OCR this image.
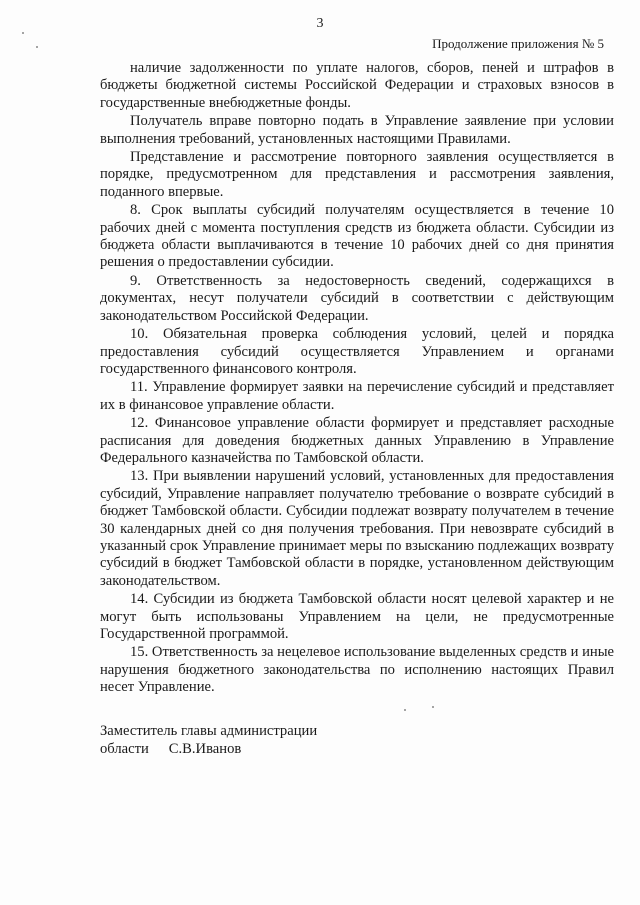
3
Продолжение приложения № 5

наличие задолженности по уплате налогов, сборов, пеней и штрафов в бюджеты бюджетной системы Российской Федерации и страховых взносов в государственные внебюджетные фонды.

Получатель вправе повторно подать в Управление заявление при условии выполнения требований, установленных настоящими Правилами.

Представление и рассмотрение повторного заявления осуществляется в порядке, предусмотренном для представления и рассмотрения заявления, поданного впервые.

8. Срок выплаты субсидий получателям осуществляется в течение 10 рабочих дней с момента поступления средств из бюджета области. Субсидии из бюджета области выплачиваются в течение 10 рабочих дней со дня принятия решения о предоставлении субсидии.

9. Ответственность за недостоверность сведений, содержащихся в документах, несут получатели субсидий в соответствии с действующим законодательством Российской Федерации.

10. Обязательная проверка соблюдения условий, целей и порядка предоставления субсидий осуществляется Управлением и органами государственного финансового контроля.

11. Управление формирует заявки на перечисление субсидий и представляет их в финансовое управление области.

12. Финансовое управление области формирует и представляет расходные расписания для доведения бюджетных данных Управлению в Управление Федерального казначейства по Тамбовской области.

13. При выявлении нарушений условий, установленных для предоставления субсидий, Управление направляет получателю требование о возврате субсидий в бюджет Тамбовской области. Субсидии подлежат возврату получателем в течение 30 календарных дней со дня получения требования. При невозврате субсидий в указанный срок Управление принимает меры по взысканию подлежащих возврату субсидий в бюджет Тамбовской области в порядке, установленном действующим законодательством.

14. Субсидии из бюджета Тамбовской области носят целевой характер и не могут быть использованы Управлением на цели, не предусмотренные Государственной программой.

15. Ответственность за нецелевое использование выделенных средств и иные нарушения бюджетного законодательства по исполнению настоящих Правил несет Управление.

Заместитель главы администрации
области С.В.Иванов
